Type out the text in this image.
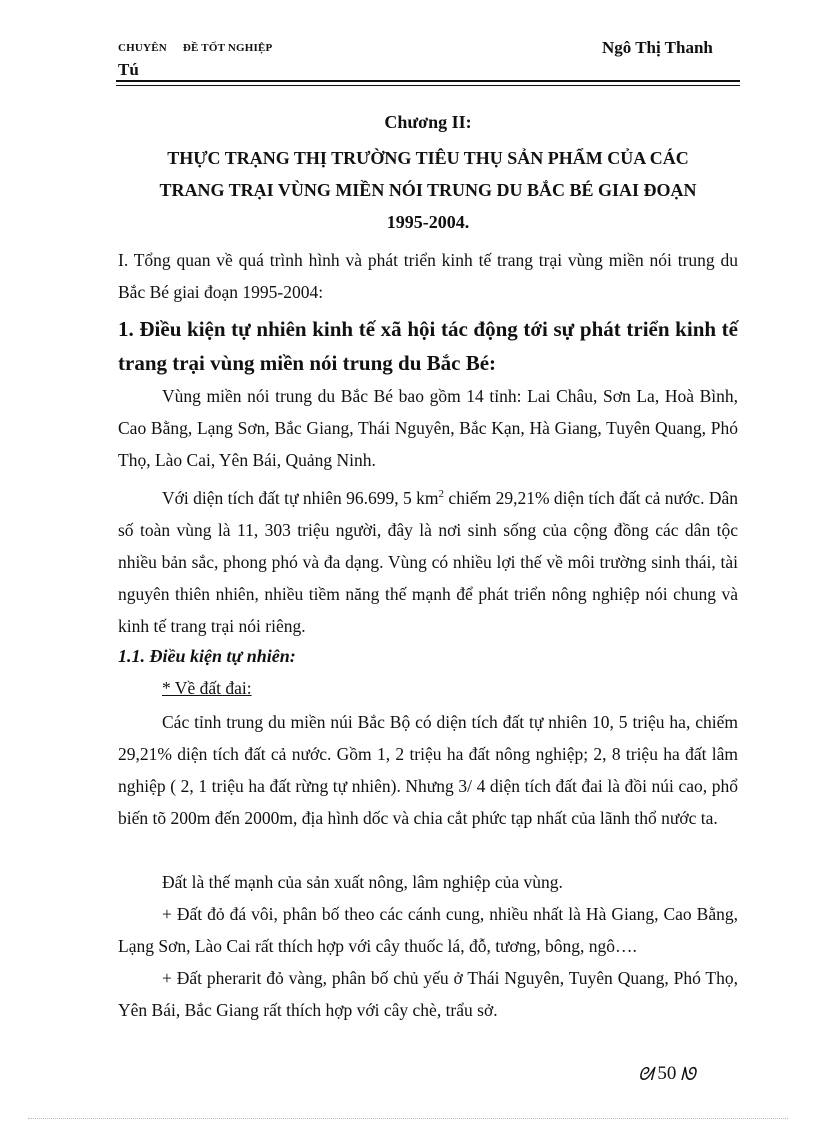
CHUYÊN ĐỀ TỐT NGHIỆP	Ngô Thị Thanh
Tú
Chương II:
THỰC TRẠNG THỊ TRƯỜNG TIÊU THỤ SẢN PHẨM CỦA CÁC
TRANG TRẠI VÙNG MIỀN NÓI TRUNG DU BẮC BÉ GIAI ĐOẠN
1995-2004.
I. Tổng quan về quá trình hình và phát triển kinh tế trang trại vùng miền nói trung du Bắc Bé giai đoạn 1995-2004:
1. Điều kiện tự nhiên kinh tế xã hội tác động tới sự phát triển kinh tế trang trại vùng miền nói trung du Bắc Bé:
Vùng miền nói trung du Bắc Bé bao gồm 14 tỉnh: Lai Châu, Sơn La, Hoà Bình, Cao Bằng, Lạng Sơn, Bắc Giang, Thái Nguyên, Bắc Kạn, Hà Giang, Tuyên Quang, Phó Thọ, Lào Cai, Yên Bái, Quảng Ninh.
Với diện tích đất tự nhiên 96.699, 5 $km^2$ chiếm 29,21% diện tích đất cả nước. Dân số toàn vùng là 11, 303 triệu người, đây là nơi sinh sống của cộng đồng các dân tộc nhiều bản sắc, phong phó và đa dạng. Vùng có nhiều lợi thế về môi trường sinh thái, tài nguyên thiên nhiên, nhiều tiềm năng thế mạnh để phát triển nông nghiệp nói chung và kinh tế trang trại nói riêng.
1.1. Điều kiện tự nhiên:
* Về đất đai:
Các tỉnh trung du miền núi Bắc Bộ có diện tích đất tự nhiên 10, 5 triệu ha, chiếm 29,21% diện tích đất cả nước. Gồm 1, 2 triệu ha đất nông nghiệp; 2, 8 triệu ha đất lâm nghiệp ( 2, 1 triệu ha đất rừng tự nhiên). Nhưng 3/ 4 diện tích đất đai là đồi núi cao, phổ biến tõ 200m đến 2000m, địa hình dốc và chia cắt phức tạp nhất của lãnh thổ nước ta.
Đất là thế mạnh của sản xuất nông, lâm nghiệp của vùng.
+ Đất đỏ đá vôi, phân bố theo các cánh cung, nhiều nhất là Hà Giang, Cao Bằng, Lạng Sơn, Lào Cai rất thích hợp với cây thuốc lá, đỗ, tương, bông, ngô….
+ Đất pherarit đỏ vàng, phân bố chủ yếu ở Thái Nguyên, Tuyên Quang, Phó Thọ, Yên Bái, Bắc Giang rất thích hợp với cây chè, trẩu sở.
ᘛ 50 ᘚ
